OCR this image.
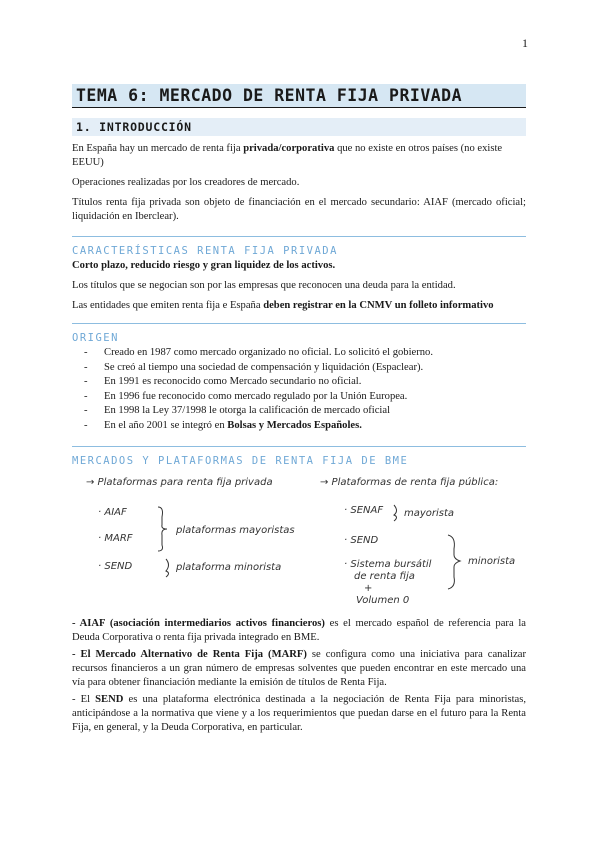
1
TEMA 6: MERCADO DE RENTA FIJA PRIVADA
1. INTRODUCCIÓN

En España hay un mercado de renta fija privada/corporativa que no existe en otros países (no existe EEUU)

Operaciones realizadas por los creadores de mercado.

Títulos renta fija privada son objeto de financiación en el mercado secundario: AIAF (mercado oficial; liquidación en Iberclear).

CARACTERÍSTICAS RENTA FIJA PRIVADA

Corto plazo, reducido riesgo y gran liquidez de los activos.

Los títulos que se negocian son por las empresas que reconocen una deuda para la entidad.

Las entidades que emiten renta fija e España deben registrar en la CNMV un folleto informativo

ORIGEN
- Creado en 1987 como mercado organizado no oficial. Lo solicitó el gobierno.
- Se creó al tiempo una sociedad de compensación y liquidación (Espaclear).
- En 1991 es reconocido como Mercado secundario no oficial.
- En 1996 fue reconocido como mercado regulado por la Unión Europea.
- En 1998 la Ley 37/1998 le otorga la calificación de mercado oficial
- En el año 2001 se integró en Bolsas y Mercados Españoles.
MERCADOS Y PLATAFORMAS DE RENTA FIJA DE BME
→ Plataformas para renta fija privada
· AIAF
· MARF
plataformas mayoristas
· SEND	plataforma minorista
→ Plataformas de renta fija pública:
· SENAF mayorista
· SEND
· Sistema bursátil
de renta fija
+
Volumen 0
minorista

- AIAF (asociación intermediarios activos financieros) es el mercado español de referencia para la Deuda Corporativa o renta fija privada integrado en BME.

- El Mercado Alternativo de Renta Fija (MARF) se configura como una iniciativa para canalizar recursos financieros a un gran número de empresas solventes que pueden encontrar en este mercado una vía para obtener financiación mediante la emisión de títulos de Renta Fija.

- El SEND es una plataforma electrónica destinada a la negociación de Renta Fija para minoristas, anticipándose a la normativa que viene y a los requerimientos que puedan darse en el futuro para la Renta Fija, en general, y la Deuda Corporativa, en particular.
